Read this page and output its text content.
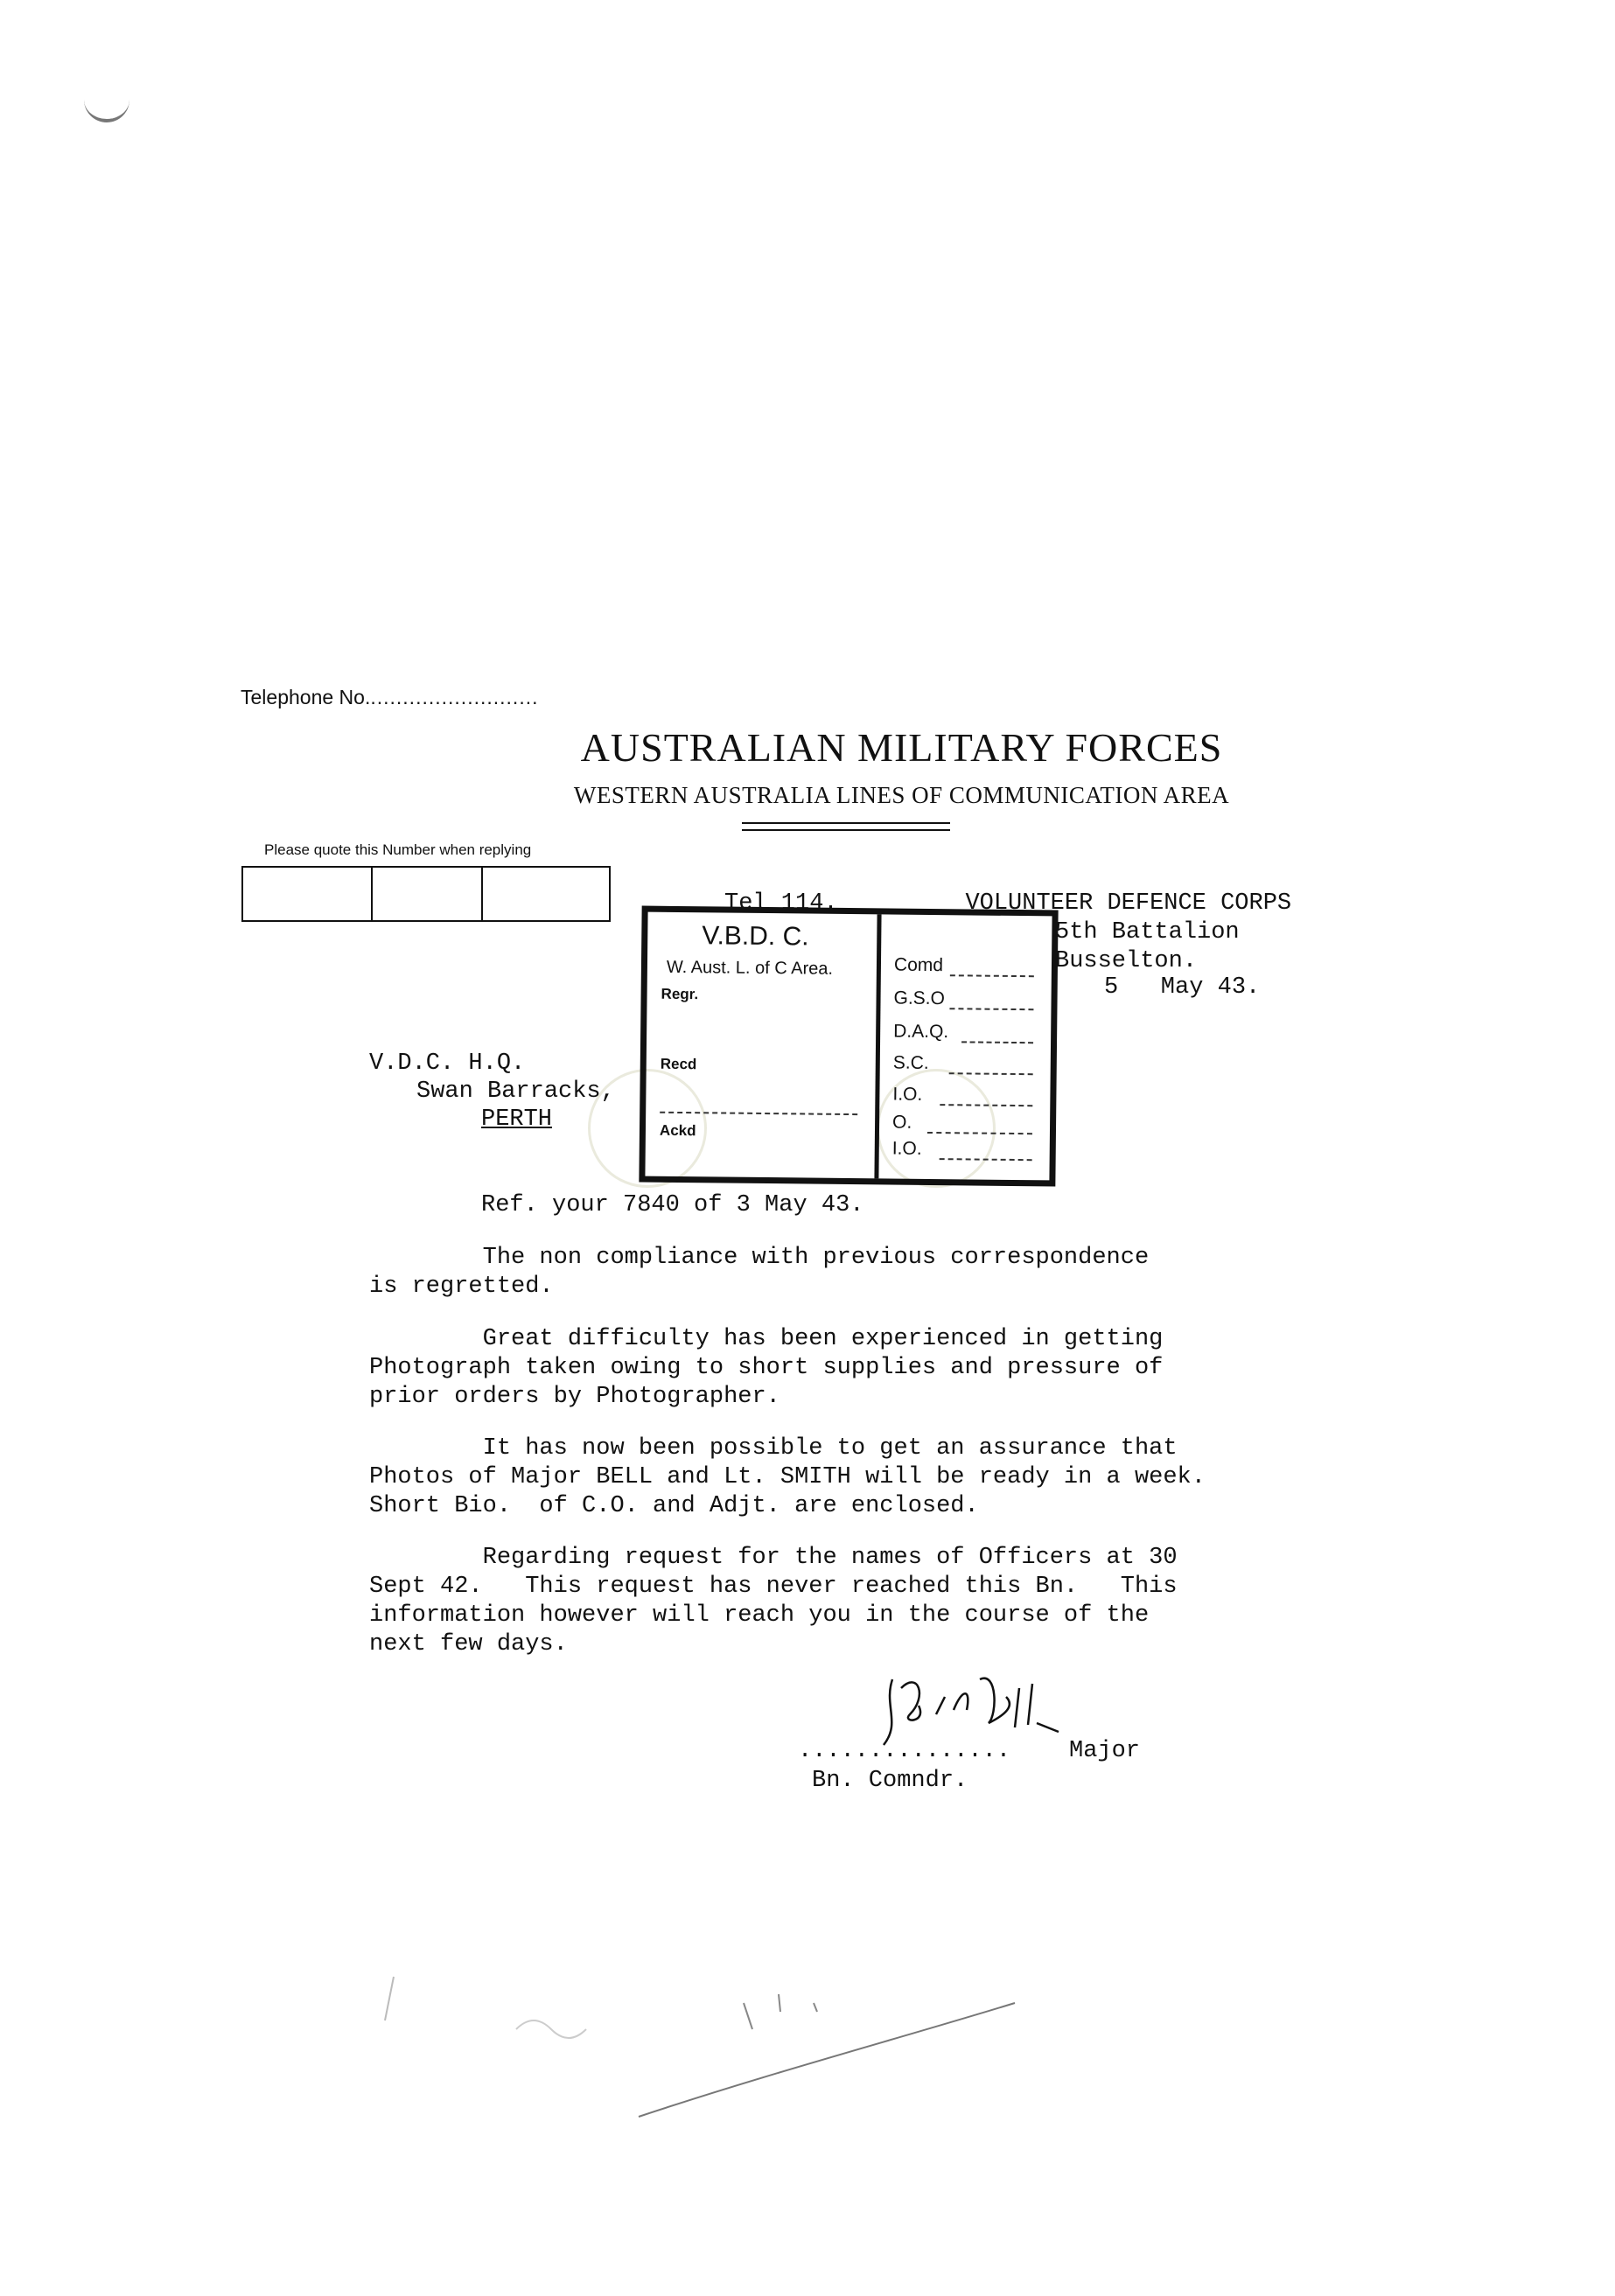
Telephone No...........................
AUSTRALIAN MILITARY FORCES
WESTERN AUSTRALIA LINES OF COMMUNICATION AREA
Please quote this Number when replying
Tel 114.         VOLUNTEER DEFENCE CORPS
5th Battalion
Busselton.
5   May 43.
V.B.D. C.
W. Aust. L. of C Area.
Regr.
Recd
Ackd
Comd
G.S.O
D.A.Q.
S.C.
I.O.
O.
I.O.
V.D.C. H.Q.
Swan Barracks,
PERTH
Ref. your 7840 of 3 May 43.
The non compliance with previous correspondence
is regretted.
Great difficulty has been experienced in getting
Photograph taken owing to short supplies and pressure of
prior orders by Photographer.
It has now been possible to get an assurance that
Photos of Major BELL and Lt. SMITH will be ready in a week.
Short Bio.  of C.O. and Adjt. are enclosed.
Regarding request for the names of Officers at 30
Sept 42.   This request has never reached this Bn.   This
information however will reach you in the course of the
next few days.
............... Major
Bn. Comndr.
